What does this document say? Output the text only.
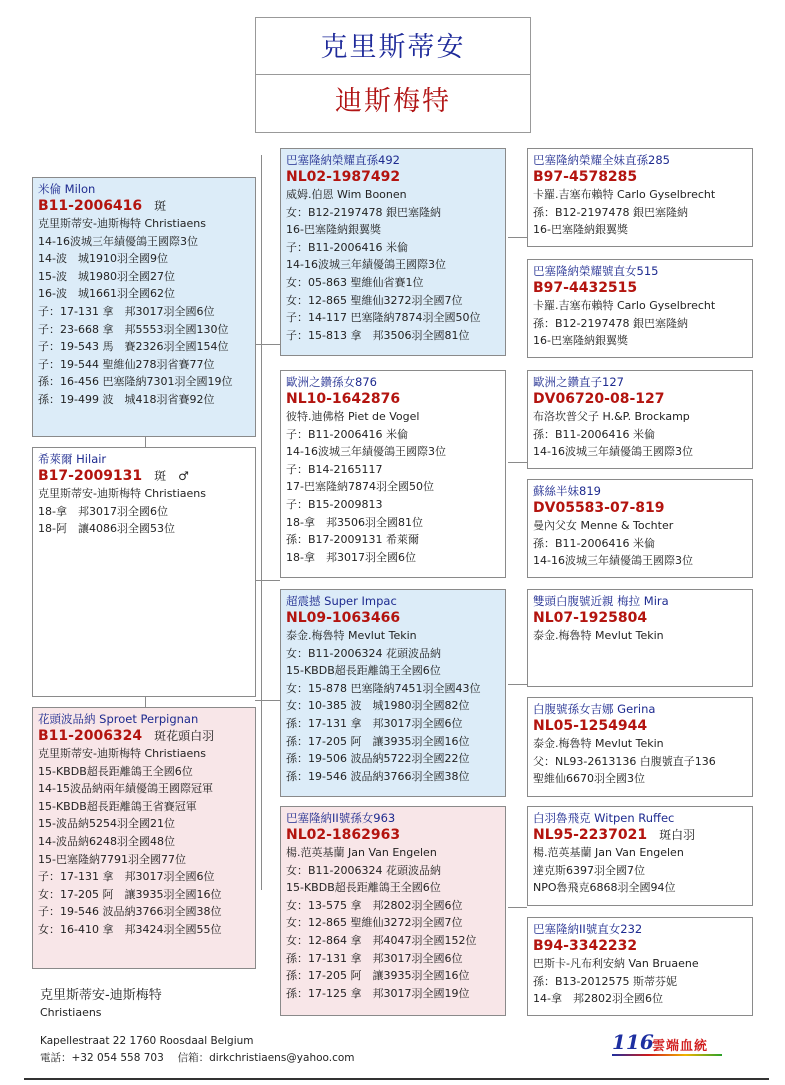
克里斯蒂安
迪斯梅特
米倫 Milon
B11-2006416 斑
克里斯蒂安-迪斯梅特 Christiaens
14-16波城三年績優鴿王國際3位
14-波　城1910羽全國9位
15-波　城1980羽全國27位
16-波　城1661羽全國62位
子：17-131 拿　邦3017羽全國6位
子：23-668 拿　邦5553羽全國130位
子：19-543 馬　賽2326羽全國154位
子：19-544 聖維仙278羽省賽77位
孫：16-456 巴塞隆納7301羽全國19位
孫：19-499 波　城418羽省賽92位
希萊爾 Hilair
B17-2009131 斑　♂
克里斯蒂安-迪斯梅特 Christiaens
18-拿　邦3017羽全國6位
18-阿　讓4086羽全國53位
花頭波品納 Sproet Perpignan
B11-2006324 斑花頭白羽
克里斯蒂安-迪斯梅特 Christiaens
15-KBDB超長距離鴿王全國6位
14-15波品納兩年績優鴿王國際冠軍
15-KBDB超長距離鴿王省賽冠軍
15-波品納5254羽全國21位
14-波品納6248羽全國48位
15-巴塞隆納7791羽全國77位
子：17-131 拿　邦3017羽全國6位
女：17-205 阿　讓3935羽全國16位
子：19-546 波品納3766羽全國38位
女：16-410 拿　邦3424羽全國55位
巴塞隆納榮耀直孫492
NL02-1987492
威姆.伯恩 Wim Boonen
女：B12-2197478 銀巴塞隆納
16-巴塞隆納銀翼獎
子：B11-2006416 米倫
14-16波城三年績優鴿王國際3位
女：05-863 聖維仙省賽1位
女：12-865 聖維仙3272羽全國7位
子：14-117 巴塞隆納7874羽全國50位
子：15-813 拿　邦3506羽全國81位
歐洲之鑽孫女876
NL10-1642876
彼特.迪佛格 Piet de Vogel
子：B11-2006416 米倫
14-16波城三年績優鴿王國際3位
子：B14-2165117
17-巴塞隆納7874羽全國50位
子：B15-2009813
18-拿　邦3506羽全國81位
孫：B17-2009131 希萊爾
18-拿　邦3017羽全國6位
超震撼 Super Impac
NL09-1063466
泰金.梅魯特 Mevlut Tekin
女：B11-2006324 花頭波品納
15-KBDB超長距離鴿王全國6位
女：15-878 巴塞隆納7451羽全國43位
女：10-385 波　城1980羽全國82位
孫：17-131 拿　邦3017羽全國6位
孫：17-205 阿　讓3935羽全國16位
孫：19-506 波品納5722羽全國22位
孫：19-546 波品納3766羽全國38位
巴塞隆納II號孫女963
NL02-1862963
楊.范英基蘭 Jan Van Engelen
女：B11-2006324 花頭波品納
15-KBDB超長距離鴿王全國6位
女：13-575 拿　邦2802羽全國6位
女：12-865 聖維仙3272羽全國7位
女：12-864 拿　邦4047羽全國152位
孫：17-131 拿　邦3017羽全國6位
孫：17-205 阿　讓3935羽全國16位
孫：17-125 拿　邦3017羽全國19位
巴塞隆納榮耀全妹直孫285
B97-4578285
卡羅.吉塞布賴特 Carlo Gyselbrecht
孫：B12-2197478 銀巴塞隆納
16-巴塞隆納銀翼獎
巴塞隆納榮耀號直女515
B97-4432515
卡羅.吉塞布賴特 Carlo Gyselbrecht
孫：B12-2197478 銀巴塞隆納
16-巴塞隆納銀翼獎
歐洲之鑽直子127
DV06720-08-127
布洛坎普父子 H.&P. Brockamp
孫：B11-2006416 米倫
14-16波城三年績優鴿王國際3位
蘇絲半妹819
DV05583-07-819
曼內父女 Menne & Tochter
孫：B11-2006416 米倫
14-16波城三年績優鴿王國際3位
雙頭白腹號近親 梅拉 Mira
NL07-1925804
泰金.梅魯特 Mevlut Tekin
白腹號孫女吉娜 Gerina
NL05-1254944
泰金.梅魯特 Mevlut Tekin
父：NL93-2613136 白腹號直子136
聖維仙6670羽全國3位
白羽魯飛克 Witpen Ruffec
NL95-2237021 斑白羽
楊.范英基蘭 Jan Van Engelen
達克斯6397羽全國7位
NPO魯飛克6868羽全國94位
巴塞隆納II號直女232
B94-3342232
巴斯卡-凡布利安納 Van Bruaene
孫：B13-2012575 斯蒂芬妮
14-拿　邦2802羽全國6位
克里斯蒂安-迪斯梅特
Christiaens
Kapellestraat 22 1760 Roosdaal Belgium
電話：+32 054 558 703　 信箱：dirkchristiaens@yahoo.com
116
雲端血統
